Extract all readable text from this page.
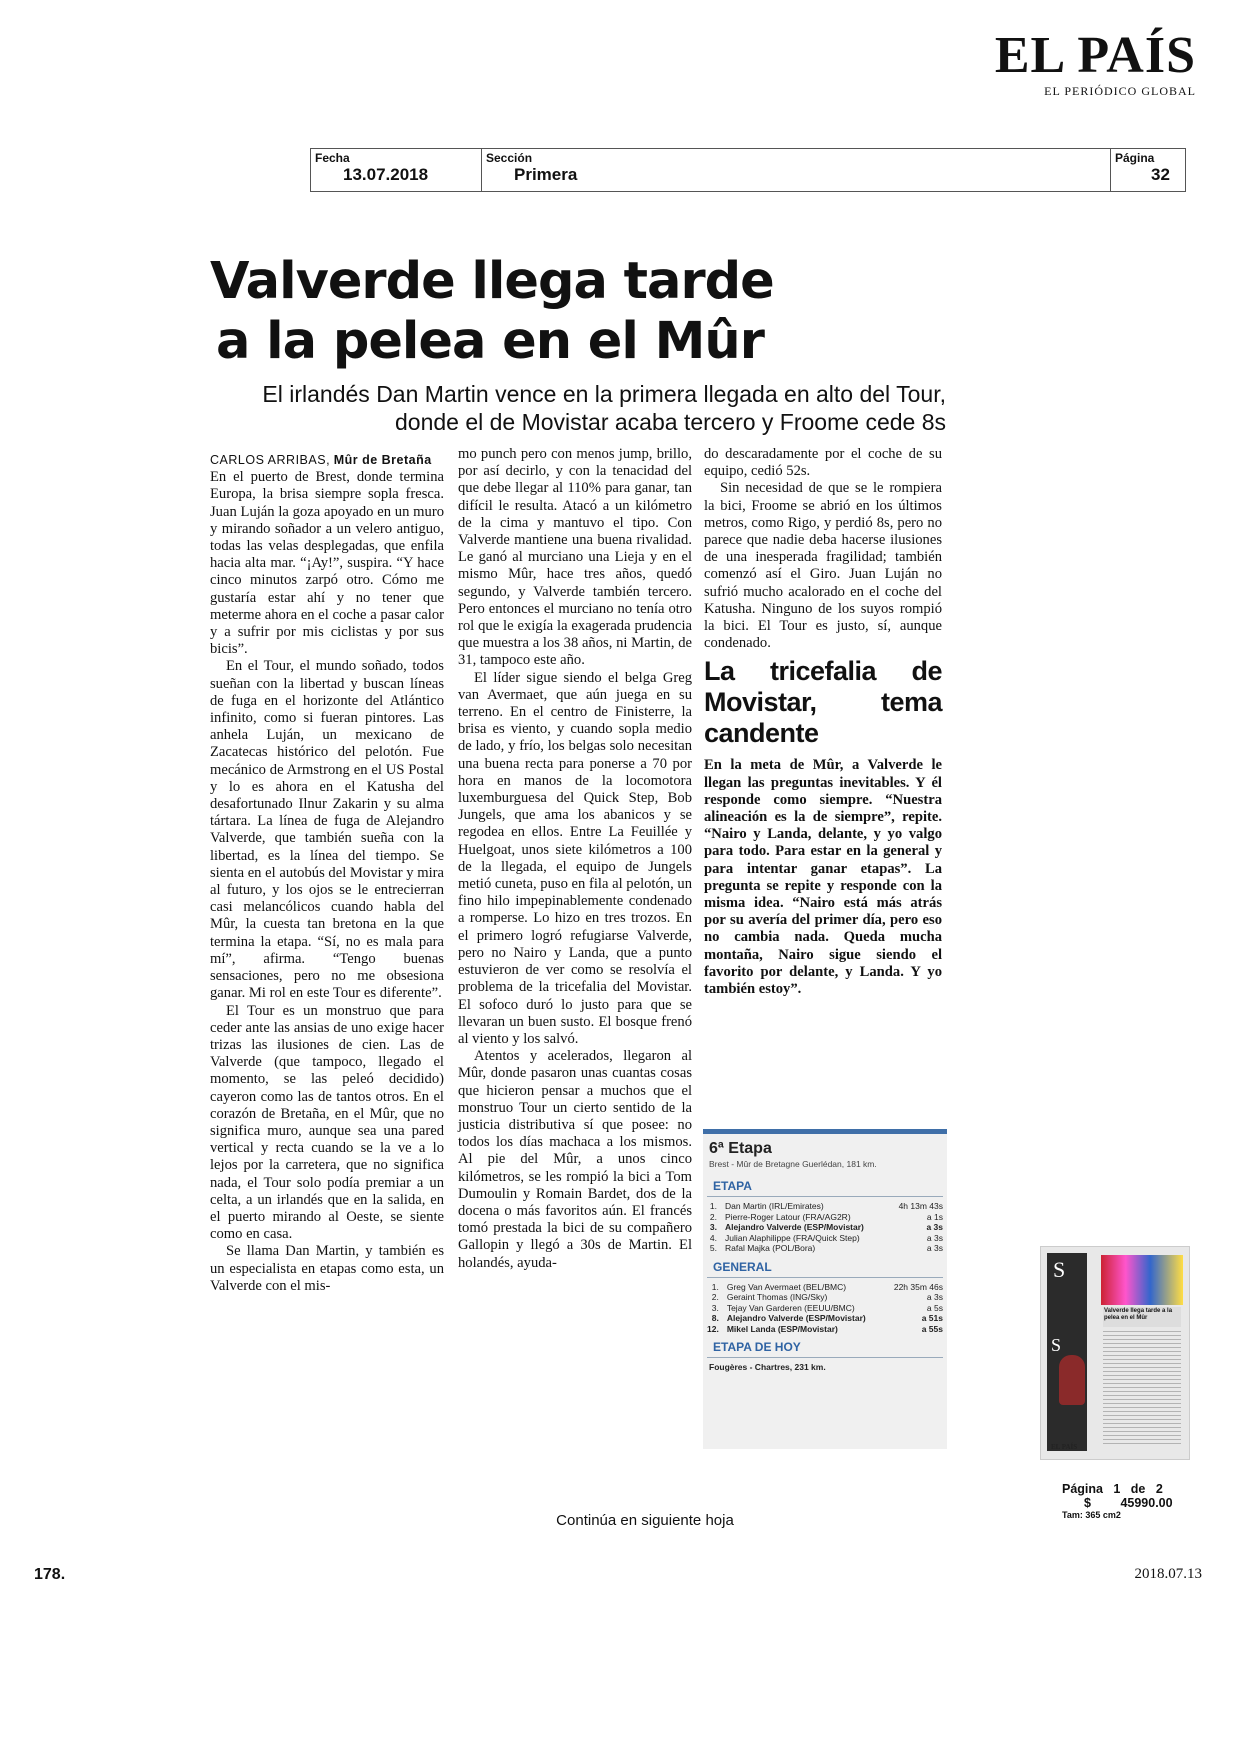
EL PAÍS
EL PERIÓDICO GLOBAL
Fecha
13.07.2018
Sección
Primera
Página
32
Valverde llega tarde
a la pelea en el Mûr
El irlandés Dan Martin vence en la primera llegada en alto del Tour, donde el de Movistar acaba tercero y Froome cede 8s

CARLOS ARRIBAS, Mûr de Bretaña

En el puerto de Brest, donde termina Europa, la brisa siempre sopla fresca. Juan Luján la goza apoyado en un muro y mirando soñador a un velero antiguo, todas las velas desplegadas, que enfila hacia alta mar. “¡Ay!”, suspira. “Y hace cinco minutos zarpó otro. Cómo me gustaría estar ahí y no tener que meterme ahora en el coche a pasar calor y a sufrir por mis ciclistas y por sus bicis”.

En el Tour, el mundo soñado, todos sueñan con la libertad y buscan líneas de fuga en el horizonte del Atlántico infinito, como si fueran pintores. Las anhela Luján, un mexicano de Zacatecas histórico del pelotón. Fue mecánico de Armstrong en el US Postal y lo es ahora en el Katusha del desafortunado Ilnur Zakarin y su alma tártara. La línea de fuga de Alejandro Valverde, que también sueña con la libertad, es la línea del tiempo. Se sienta en el autobús del Movistar y mira al futuro, y los ojos se le entrecierran casi melancólicos cuando habla del Mûr, la cuesta tan bretona en la que termina la etapa. “Sí, no es mala para mí”, afirma. “Tengo buenas sensaciones, pero no me obsesiona ganar. Mi rol en este Tour es diferente”.

El Tour es un monstruo que para ceder ante las ansias de uno exige hacer trizas las ilusiones de cien. Las de Valverde (que tampoco, llegado el momento, se las peleó decidido) cayeron como las de tantos otros. En el corazón de Bretaña, en el Mûr, que no significa muro, aunque sea una pared vertical y recta cuando se la ve a lo lejos por la carretera, que no significa nada, el Tour solo podía premiar a un celta, a un irlandés que en la salida, en el puerto mirando al Oeste, se siente como en casa.

Se llama Dan Martin, y también es un especialista en etapas como esta, un Valverde con el mis-

mo punch pero con menos jump, brillo, por así decirlo, y con la tenacidad del que debe llegar al 110% para ganar, tan difícil le resulta. Atacó a un kilómetro de la cima y mantuvo el tipo. Con Valverde mantiene una buena rivalidad. Le ganó al murciano una Lieja y en el mismo Mûr, hace tres años, quedó segundo, y Valverde también tercero. Pero entonces el murciano no tenía otro rol que le exigía la exagerada prudencia que muestra a los 38 años, ni Martin, de 31, tampoco este año.

El líder sigue siendo el belga Greg van Avermaet, que aún juega en su terreno. En el centro de Finisterre, la brisa es viento, y cuando sopla medio de lado, y frío, los belgas solo necesitan una buena recta para ponerse a 70 por hora en manos de la locomotora luxemburguesa del Quick Step, Bob Jungels, que ama los abanicos y se regodea en ellos. Entre La Feuillée y Huelgoat, unos siete kilómetros a 100 de la llegada, el equipo de Jungels metió cuneta, puso en fila al pelotón, un fino hilo impepinablemente condenado a romperse. Lo hizo en tres trozos. En el primero logró refugiarse Valverde, pero no Nairo y Landa, que a punto estuvieron de ver como se resolvía el problema de la tricefalia del Movistar. El sofoco duró lo justo para que se llevaran un buen susto. El bosque frenó al viento y los salvó.

Atentos y acelerados, llegaron al Mûr, donde pasaron unas cuantas cosas que hicieron pensar a muchos que el monstruo Tour un cierto sentido de la justicia distributiva sí que posee: no todos los días machaca a los mismos. Al pie del Mûr, a unos cinco kilómetros, se les rompió la bici a Tom Dumoulin y Romain Bardet, dos de la docena o más favoritos aún. El francés tomó prestada la bici de su compañero Gallopin y llegó a 30s de Martin. El holandés, ayuda-

do descaradamente por el coche de su equipo, cedió 52s.

Sin necesidad de que se le rompiera la bici, Froome se abrió en los últimos metros, como Rigo, y perdió 8s, pero no parece que nadie deba hacerse ilusiones de una inesperada fragilidad; también comenzó así el Giro. Juan Luján no sufrió mucho acalorado en el coche del Katusha. Ninguno de los suyos rompió la bici. El Tour es justo, sí, aunque condenado.

La tricefalia de Movistar, tema candente

En la meta de Mûr, a Valverde le llegan las preguntas inevitables. Y él responde como siempre. “Nuestra alineación es la de siempre”, repite. “Nairo y Landa, delante, y yo valgo para todo. Para estar en la general y para intentar ganar etapas”. La pregunta se repite y responde con la misma idea. “Nairo está más atrás por su avería del primer día, pero eso no cambia nada. Queda mucha montaña, Nairo sigue siendo el favorito por delante, y Landa. Y yo también estoy”.

6ª Etapa
Brest - Mûr de Bretagne Guerlédan, 181 km.
ETAPA
1.	Dan Martin (IRL/Emirates)	4h 13m 43s
2.	Pierre-Roger Latour (FRA/AG2R)	a 1s
3.	Alejandro Valverde (ESP/Movistar)	a 3s
4.	Julian Alaphilippe (FRA/Quick Step)	a 3s
5.	Rafal Majka (POL/Bora)	a 3s
GENERAL
1.	Greg Van Avermaet (BEL/BMC)	22h 35m 46s
2.	Geraint Thomas (ING/Sky)	a 3s
3.	Tejay Van Garderen (EEUU/BMC)	a 5s
8.	Alejandro Valverde (ESP/Movistar)	a 51s
12.	Mikel Landa (ESP/Movistar)	a 55s
ETAPA DE HOY
Fougères - Chartres, 231 km.
S
Valverde llega tarde a la pelea en el Mûr
S
EL PAÍS
Página 1 de 2
$ 45990.00
Tam: 365 cm2
Continúa en siguiente hoja
178.	2018.07.13
